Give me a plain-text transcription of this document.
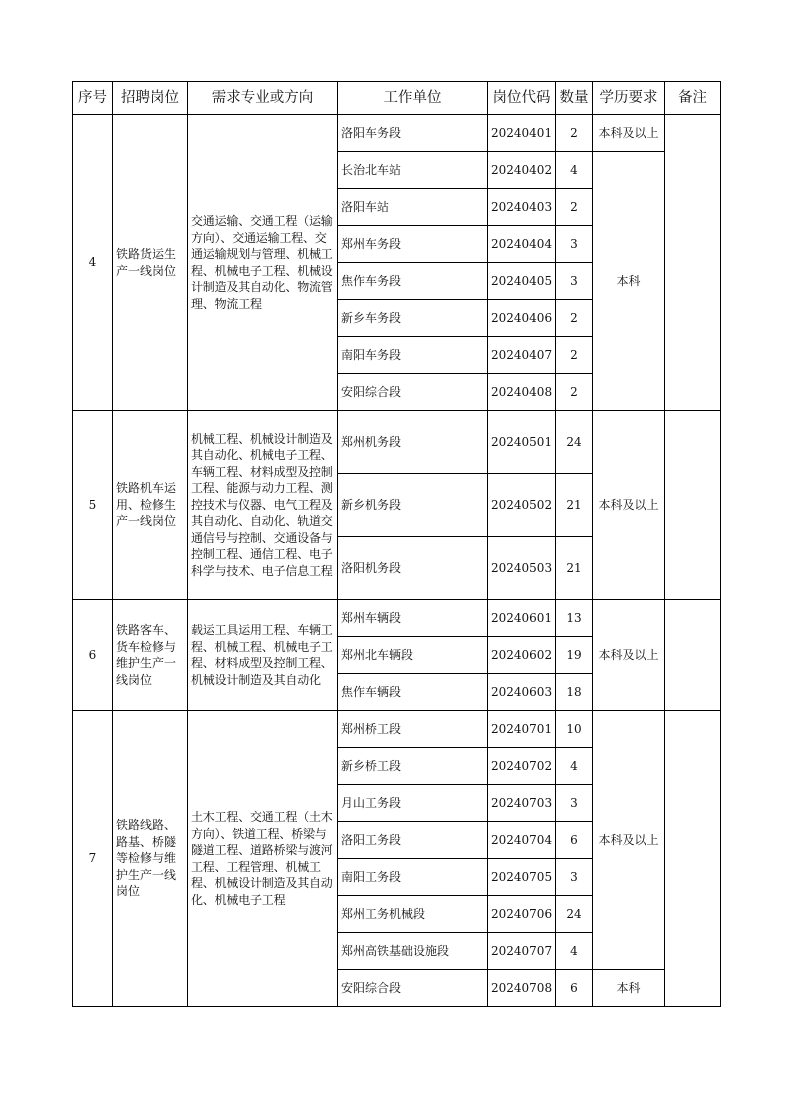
序号	招聘岗位	需求专业或方向	工作单位	岗位代码	数量	学历要求	备注
4	铁路货运生产一线岗位	交通运输、交通工程（运输方向）、交通运输工程、交通运输规划与管理、机械工程、机械电子工程、机械设计制造及其自动化、物流管理、物流工程	洛阳车务段	20240401	2	本科及以上	
			长治北车站	20240402	4	本科	
			洛阳车站	20240403	2		
			郑州车务段	20240404	3		
			焦作车务段	20240405	3		
			新乡车务段	20240406	2		
			南阳车务段	20240407	2		
			安阳综合段	20240408	2		
5	铁路机车运用、检修生产一线岗位	机械工程、机械设计制造及其自动化、机械电子工程、车辆工程、材料成型及控制工程、能源与动力工程、测控技术与仪器、电气工程及其自动化、自动化、轨道交通信号与控制、交通设备与控制工程、通信工程、电子科学与技术、电子信息工程	郑州机务段	20240501	24	本科及以上	
			新乡机务段	20240502	21		
			洛阳机务段	20240503	21		
6	铁路客车、货车检修与维护生产一线岗位	载运工具运用工程、车辆工程、机械工程、机械电子工程、材料成型及控制工程、机械设计制造及其自动化	郑州车辆段	20240601	13	本科及以上	
			郑州北车辆段	20240602	19		
			焦作车辆段	20240603	18		
7	铁路线路、路基、桥隧等检修与维护生产一线岗位	土木工程、交通工程（土木方向）、铁道工程、桥梁与隧道工程、道路桥梁与渡河工程、工程管理、机械工程、机械设计制造及其自动化、机械电子工程	郑州桥工段	20240701	10	本科及以上	
			新乡桥工段	20240702	4		
			月山工务段	20240703	3		
			洛阳工务段	20240704	6		
			南阳工务段	20240705	3		
			郑州工务机械段	20240706	24		
			郑州高铁基础设施段	20240707	4		
			安阳综合段	20240708	6	本科	
